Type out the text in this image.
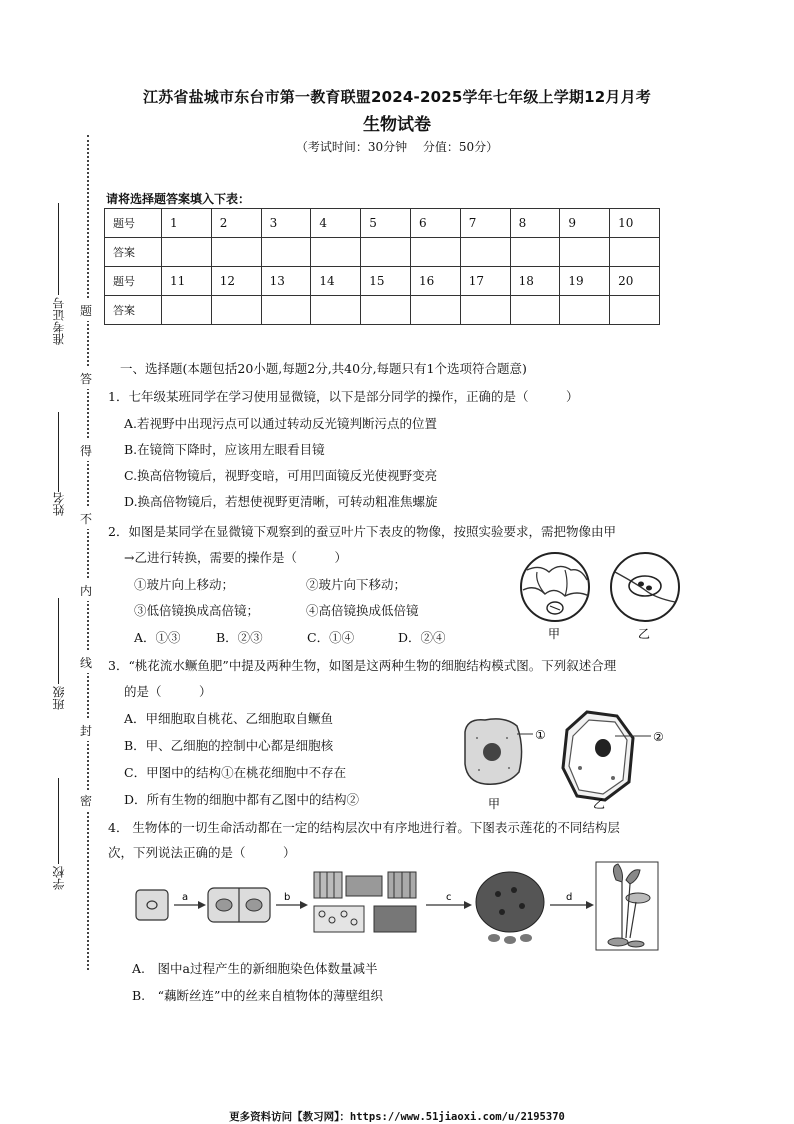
江苏省盐城市东台市第一教育联盟2024-2025学年七年级上学期12月月考
生物试卷
（考试时间：30分钟　 分值：50分）
准考证号
姓名
班级
学校
题
答
得
不
内
线
封
密
请将选择题答案填入下表：
题号	1	2	3	4	5	6	7	8	9	10
答案										
题号	11	12	13	14	15	16	17	18	19	20
答案										
一、选择题(本题包括20小题,每题2分,共40分,每题只有1个选项符合题意)
1．七年级某班同学在学习使用显微镜，以下是部分同学的操作，正确的是（　　　）
A.若视野中出现污点可以通过转动反光镜判断污点的位置
B.在镜筒下降时，应该用左眼看目镜
C.换高倍物镜后，视野变暗，可用凹面镜反光使视野变亮
D.换高倍物镜后，若想使视野更清晰，可转动粗准焦螺旋
2．如图是某同学在显微镜下观察到的蚕豆叶片下表皮的物像，按照实验要求，需把物像由甲
→乙进行转换，需要的操作是（　　　）
①玻片向上移动；	②玻片向下移动；
③低倍镜换成高倍镜；	④高倍镜换成低倍镜
A．①③	B．②③	C．①④	D．②④	甲	乙
3．“桃花流水鳜鱼肥”中提及两种生物，如图是这两种生物的细胞结构模式图。下列叙述合理
的是（　　　）
A．甲细胞取自桃花、乙细胞取自鳜鱼
B．甲、乙细胞的控制中心都是细胞核
C．甲图中的结构①在桃花细胞中不存在
D．所有生物的细胞中都有乙图中的结构②
①	②
甲	乙
4． 生物体的一切生命活动都在一定的结构层次中有序地进行着。下图表示莲花的不同结构层
次，下列说法正确的是（　　　）
a	b	c	d
A.　图中a过程产生的新细胞染色体数量减半
B.　“藕断丝连”中的丝来自植物体的薄壁组织
更多资料访问【教习网】：https://www.51jiaoxi.com/u/2195370
